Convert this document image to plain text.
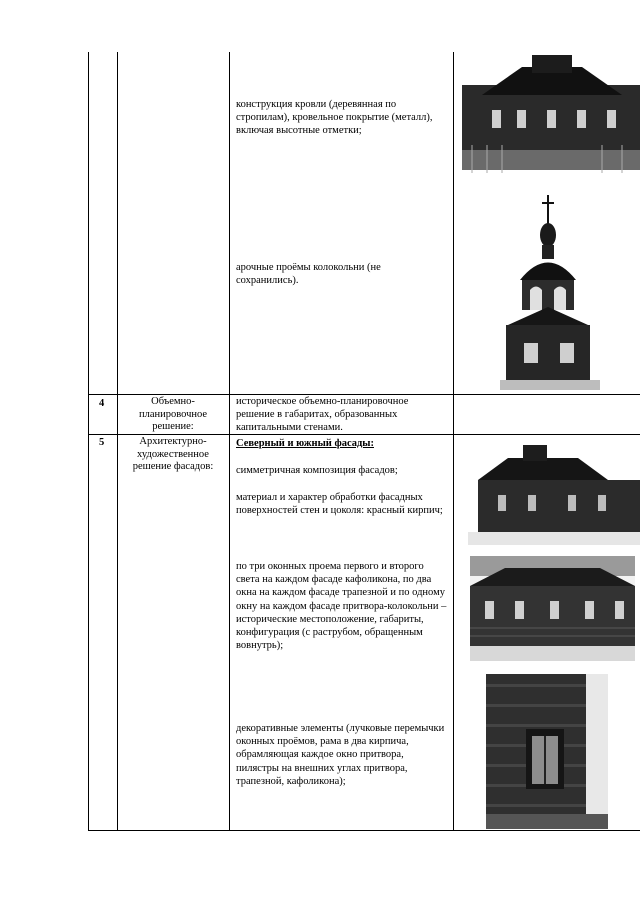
конструкция кровли (деревянная по стропилам), кровельное покрытие (металл), включая высотные отметки;
арочные проёмы колокольни (не сохранились).
4	Объемно-планировочное решение:
историческое объемно-планировочное решение в габаритах, образованных капитальными стенами.
5	Архитектурно-художественное решение фасадов:
Северный и южный фасады:
симметричная композиция фасадов;
материал и характер обработки фасадных поверхностей стен и цоколя: красный кирпич;
по три оконных проема первого и второго света на каждом фасаде кафоликона, по два окна на каждом фасаде трапезной и по одному окну на каждом фасаде притвора-колокольни – исторические местоположение, габариты, конфигурация (с раструбом, обращенным вовнутрь);
декоративные элементы (лучковые перемычки оконных проёмов, рама в два кирпича, обрамляющая каждое окно притвора, пилястры на внешних углах притвора, трапезной, кафоликона);
